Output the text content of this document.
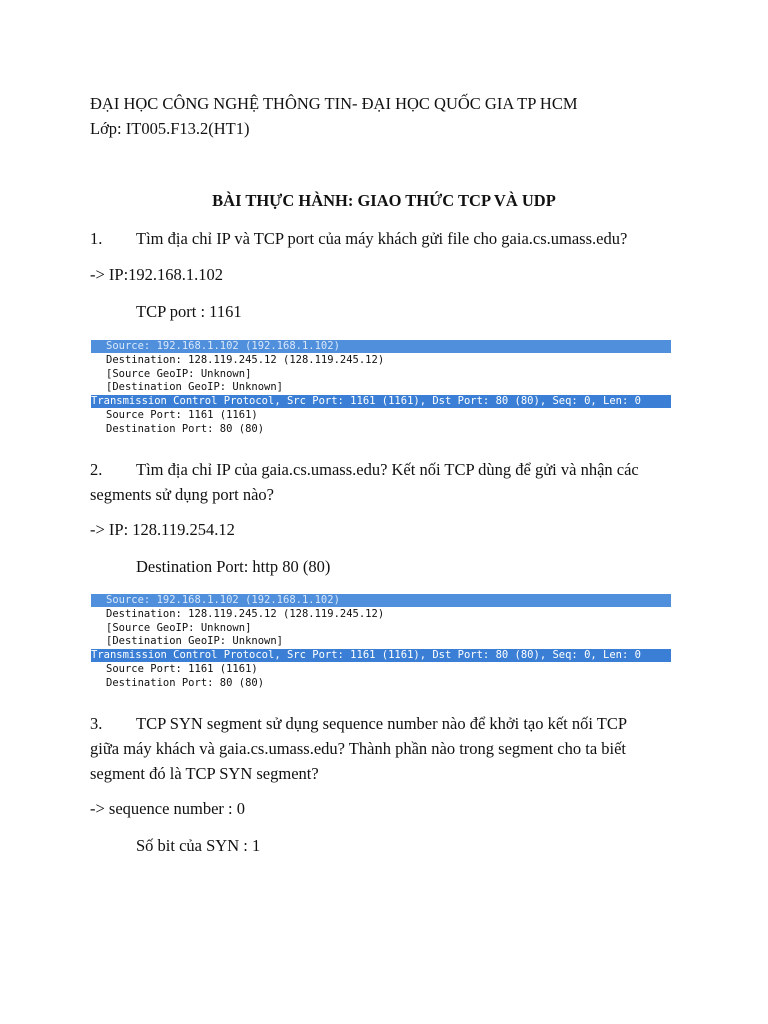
ĐẠI HỌC CÔNG NGHỆ THÔNG TIN- ĐẠI HỌC QUỐC GIA TP HCM
Lớp: IT005.F13.2(HT1)
BÀI THỰC HÀNH: GIAO THỨC TCP VÀ UDP
1. Tìm địa chỉ IP và TCP port của máy khách gửi file cho gaia.cs.umass.edu?
-> IP:192.168.1.102
TCP port : 1161
Source: 192.168.1.102 (192.168.1.102)
Destination: 128.119.245.12 (128.119.245.12)
[Source GeoIP: Unknown]
[Destination GeoIP: Unknown]
Transmission Control Protocol, Src Port: 1161 (1161), Dst Port: 80 (80), Seq: 0, Len: 0
Source Port: 1161 (1161)
Destination Port: 80 (80)
2. Tìm địa chỉ IP của gaia.cs.umass.edu? Kết nối TCP dùng để gửi và nhận các
segments sử dụng port nào?
-> IP: 128.119.254.12
Destination Port: http 80 (80)
Source: 192.168.1.102 (192.168.1.102)
Destination: 128.119.245.12 (128.119.245.12)
[Source GeoIP: Unknown]
[Destination GeoIP: Unknown]
Transmission Control Protocol, Src Port: 1161 (1161), Dst Port: 80 (80), Seq: 0, Len: 0
Source Port: 1161 (1161)
Destination Port: 80 (80)
3. TCP SYN segment sử dụng sequence number nào để khởi tạo kết nối TCP
giữa máy khách và gaia.cs.umass.edu? Thành phần nào trong segment cho ta biết
segment đó là TCP SYN segment?
-> sequence number : 0
Số bit của SYN : 1
